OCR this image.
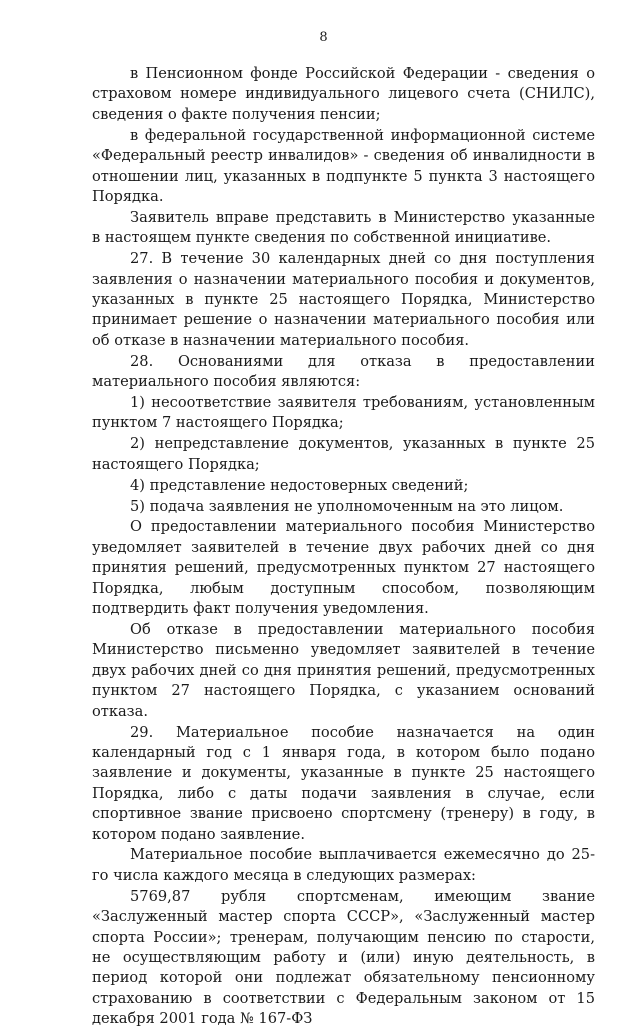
8

в Пенсионном фонде Российской Федерации - сведения о страховом номере индивидуального лицевого счета (СНИЛС), сведения о факте получения пенсии;

в федеральной государственной информационной системе «Федеральный реестр инвалидов» - сведения об инвалидности в отношении лиц, указанных в подпункте 5 пункта 3 настоящего Порядка.

Заявитель вправе представить в Министерство указанные в настоящем пункте сведения по собственной инициативе.

27. В течение 30 календарных дней со дня поступления заявления о назначении материального пособия и документов, указанных в пункте 25 настоящего Порядка, Министерство принимает решение о назначении материального пособия или об отказе в назначении материального пособия.

28. Основаниями для отказа в предоставлении материального пособия являются:

1) несоответствие заявителя требованиям, установленным пунктом 7 настоящего Порядка;

2) непредставление документов, указанных в пункте 25 настоящего Порядка;

4) представление недостоверных сведений;

5) подача заявления не уполномоченным на это лицом.

О предоставлении материального пособия Министерство уведомляет заявителей в течение двух рабочих дней со дня принятия решений, предусмотренных пунктом 27 настоящего Порядка, любым доступным способом, позволяющим подтвердить факт получения уведомления.

Об отказе в предоставлении материального пособия Министерство письменно уведомляет заявителей в течение двух рабочих дней со дня принятия решений, предусмотренных пунктом 27 настоящего Порядка, с указанием оснований отказа.

29. Материальное пособие назначается на один календарный год с 1 января года, в котором было подано заявление и документы, указанные в пункте 25 настоящего Порядка, либо с даты подачи заявления в случае, если спортивное звание присвоено спортсмену (тренеру) в году, в котором подано заявление.

Материальное пособие выплачивается ежемесячно до 25-го числа каждого месяца в следующих размерах:

5769,87 рубля спортсменам, имеющим звание «Заслуженный мастер спорта СССР», «Заслуженный мастер спорта России»; тренерам, получающим пенсию по старости, не осуществляющим работу и (или) иную деятельность, в период которой они подлежат обязательному пенсионному страхованию в соответствии с Федеральным законом от 15 декабря 2001 года № 167-ФЗ
